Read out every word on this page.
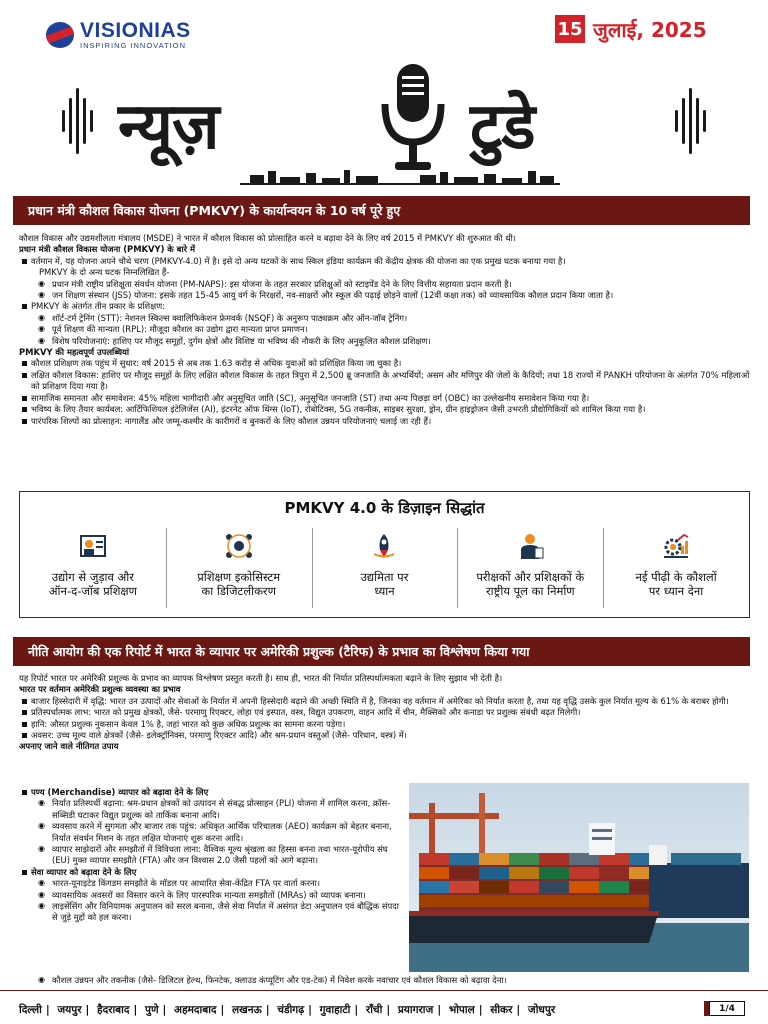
VISIONIAS
INSPIRING INNOVATION
15 जुलाई, 2025
न्यूज़	टुडे
प्रधान मंत्री कौशल विकास योजना (PMKVY) के कार्यान्वयन के 10 वर्ष पूरे हुए
कौशल विकास और उद्यमशीलता मंत्रालय (MSDE) ने भारत में कौशल विकास को प्रोत्साहित करने व बढ़ावा देने के लिए वर्ष 2015 में PMKVY की शुरुआत की थी।
प्रधान मंत्री कौशल विकास योजना (PMKVY) के बारे में
वर्तमान में, यह योजना अपने चौथे चरण (PMKVY-4.0) में है। इसे दो अन्य घटकों के साथ स्किल इंडिया कार्यक्रम की केंद्रीय क्षेत्रक की योजना का एक प्रमुख घटक बनाया गया है।
PMKVY के दो अन्य घटक निम्नलिखित हैं-
◉ प्रधान मंत्री राष्ट्रीय प्रशिक्षुता संवर्धन योजना (PM-NAPS): इस योजना के तहत सरकार प्रशिक्षुओं को स्टाइपेंड देने के लिए वित्तीय सहायता प्रदान करती है।
◉ जन शिक्षण संस्थान (JSS) योजना: इसके तहत 15-45 आयु वर्ग के निरक्षरों, नव-साक्षरों और स्कूल की पढ़ाई छोड़ने वालों (12वीं कक्षा तक) को व्यावसायिक कौशल प्रदान किया जाता है।
PMKVY के अंतर्गत तीन प्रकार के प्रशिक्षण:
◉ शॉर्ट-टर्म ट्रेनिंग (STT): नेशनल स्किल्स क्वालिफिकेशन फ्रेमवर्क (NSQF) के अनुरूप पाठ्यक्रम और ऑन-जॉब ट्रेनिंग।
◉ पूर्व शिक्षण की मान्यता (RPL): मौजूदा कौशल का उद्योग द्वारा मान्यता प्राप्त प्रमाणन।
◉ विशेष परियोजनाएं: हाशिए पर मौजूद समूहों, दुर्गम क्षेत्रों और विशिष्ट या भविष्य की नौकरी के लिए अनुकूलित कौशल प्रशिक्षण।
PMKVY की महत्वपूर्ण उपलब्धियां
कौशल प्रशिक्षण तक पहुंच में सुधार: वर्ष 2015 से अब तक 1.63 करोड़ से अधिक युवाओं को प्रशिक्षित किया जा चुका है।
लक्षित कौशल विकास: हाशिए पर मौजूद समूहों के लिए लक्षित कौशल विकास के तहत त्रिपुरा में 2,500 ब्रू जनजाति के अभ्यर्थियों; असम और मणिपुर की जेलों के कैदियों; तथा 18 राज्यों में PANKH परियोजना के अंतर्गत 70% महिलाओं को प्रशिक्षण दिया गया है।
सामाजिक समानता और समावेशन: 45% महिला भागीदारी और अनुसूचित जाति (SC), अनुसूचित जनजाति (ST) तथा अन्य पिछड़ा वर्ग (OBC) का उल्लेखनीय समावेशन किया गया है।
भविष्य के लिए तैयार कार्यबल: आर्टिफिशियल इंटेलिजेंस (AI), इंटरनेट ऑफ थिंग्स (IoT), रोबोटिक्स, 5G तकनीक, साइबर सुरक्षा, ड्रोन, ग्रीन हाइड्रोजन जैसी उभरती प्रौद्योगिकियों को शामिल किया गया है।
पारंपरिक शिल्पों का प्रोत्साहन: नागालैंड और जम्मू-कश्मीर के कारीगरों व बुनकरों के लिए कौशल उन्नयन परियोजनाएं चलाई जा रही हैं।
PMKVY 4.0 के डिज़ाइन सिद्धांत
उद्योग से जुड़ाव और
ऑन-द-जॉब प्रशिक्षण
प्रशिक्षण इकोसिस्टम
का डिजिटलीकरण
उद्यमिता पर
ध्यान
परीक्षकों और प्रशिक्षकों के
राष्ट्रीय पूल का निर्माण
नई पीढ़ी के कौशलों
पर ध्यान देना
नीति आयोग की एक रिपोर्ट में भारत के व्यापार पर अमेरिकी प्रशुल्क (टैरिफ) के प्रभाव का विश्लेषण किया गया
यह रिपोर्ट भारत पर अमेरिकी प्रशुल्क के प्रभाव का व्यापक विश्लेषण प्रस्तुत करती है। साथ ही, भारत की निर्यात प्रतिस्पर्धात्मकता बढ़ाने के लिए सुझाव भी देती है।
भारत पर वर्तमान अमेरिकी प्रशुल्क व्यवस्था का प्रभाव
बाजार हिस्सेदारी में वृद्धि: भारत उन उत्पादों और सेवाओं के निर्यात में अपनी हिस्सेदारी बढ़ाने की अच्छी स्थिति में है, जिनका वह वर्तमान में अमेरिका को निर्यात करता है, तथा यह वृद्धि उसके कुल निर्यात मूल्य के 61% के बराबर होगी।
प्रतिस्पर्धात्मक लाभ: भारत को प्रमुख क्षेत्रकों, जैसे- परमाणु रिएक्टर, लोहा एवं इस्पात, वस्त्र, विद्युत उपकरण, वाहन आदि में चीन, मैक्सिको और कनाडा पर प्रशुल्क संबंधी बढ़त मिलेगी।
हानि: औसत प्रशुल्क नुकसान केवल 1% है, जहां भारत को कुछ अधिक प्रशुल्क का सामना करना पड़ेगा।
अवसर: उच्च मूल्य वाले क्षेत्रकों (जैसे- इलेक्ट्रॉनिक्स, परमाणु रिएक्टर आदि) और श्रम-प्रधान वस्तुओं (जैसे- परिधान, वस्त्र) में।
अपनाए जाने वाले नीतिगत उपाय
पण्य (Merchandise) व्यापार को बढ़ावा देने के लिए
◉ निर्यात प्रतिस्पर्धी बढ़ाना: श्रम-प्रधान क्षेत्रकों को उत्पादन से संबद्ध प्रोत्साहन (PLI) योजना में शामिल करना, क्रॉस-सब्सिडी घटाकर विद्युत प्रशुल्क को तार्किक बनाना आदि।
◉ व्यवसाय करने में सुगमता और बाजार तक पहुंच: अधिकृत आर्थिक परिचालक (AEO) कार्यक्रम को बेहतर बनाना, निर्यात संवर्धन मिशन के तहत लक्षित योजनाएं शुरू करना आदि।
◉ व्यापार साझेदारों और समझौतों में विविधता लाना: वैश्विक मूल्य श्रृंखला का हिस्सा बनना तथा भारत-यूरोपीय संघ (EU) मुक्त व्यापार समझौते (FTA) और जन विश्वास 2.0 जैसी पहलों को आगे बढ़ाना।
सेवा व्यापार को बढ़ावा देने के लिए
◉ भारत-यूनाइटेड किंगडम समझौते के मॉडल पर आधारित सेवा-केंद्रित FTA पर वार्ता करना।
◉ व्यावसायिक अवसरों का विस्तार करने के लिए पारस्परिक मान्यता समझौतों (MRAs) को व्यापक बनाना।
◉ लाइसेंसिंग और विनियामक अनुपालन को सरल बनाना, जैसे सेवा निर्यात में असंगत डेटा अनुपालन एवं बौद्धिक संपदा से जुड़े मुद्दों को हल करना।
◉ कौशल उन्नयन और तकनीक (जैसे- डिजिटल हेल्थ, फिनटेक, क्लाउड कंप्यूटिंग और एड-टेक) में निवेश करके नवाचार एवं कौशल विकास को बढ़ावा देना।
दिल्ली | जयपुर | हैदराबाद | पुणे | अहमदाबाद | लखनऊ | चंडीगढ़ | गुवाहाटी | रॉंची | प्रयागराज | भोपाल | सीकर | जोधपुर	1/4
